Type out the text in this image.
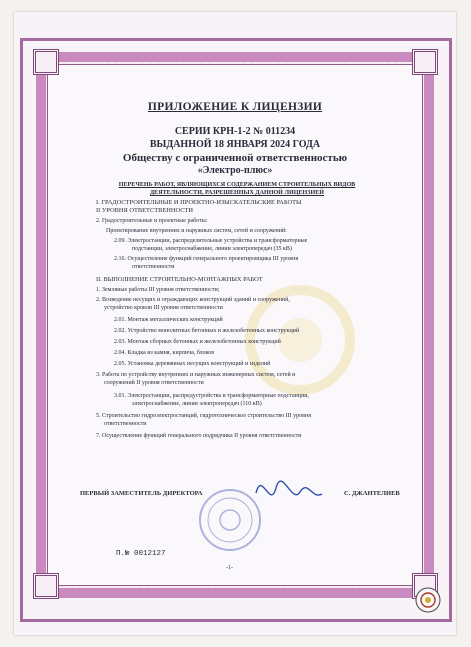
ПРИЛОЖЕНИЕ К ЛИЦЕНЗИИ
СЕРИИ КРН-1-2 № 011234
ВЫДАННОЙ 18 ЯНВАРЯ 2024 ГОДА
Обществу с ограниченной ответственностью
«Электро-плюс»
ПЕРЕЧЕНЬ РАБОТ, ЯВЛЯЮЩИХСЯ СОДЕРЖАНИЕМ СТРОИТЕЛЬНЫХ ВИДОВ ДЕЯТЕЛЬНОСТИ, РАЗРЕШЕННЫХ ДАННОЙ ЛИЦЕНЗИЕЙ
I. ГРАДОСТРОИТЕЛЬНЫЕ И ПРОЕКТНО-ИЗЫСКАТЕЛЬСКИЕ РАБОТЫ
II УРОВНЯ ОТВЕТСТВЕННОСТИ
2. Градостроительные и проектные работы:
Проектирование внутренних и наружных систем, сетей и сооружений:
2.09. Электростанции, распределительные устройства и трансформаторные
подстанции, электроснабжение, линии электропередач (35 кВ)
2.16. Осуществление функций генерального проектировщика III уровня
ответственности
II. ВЫПОЛНЕНИЕ СТРОИТЕЛЬНО-МОНТАЖНЫХ РАБОТ
1. Земляные работы III уровня ответственности;
2. Возведение несущих и ограждающих конструкций зданий и сооружений,
устройство кровли III уровня ответственности
2.01. Монтаж металлических конструкций
2.02. Устройство монолитных бетонных и железобетонных конструкций
2.03. Монтаж сборных бетонных и железобетонных конструкций
2.04. Кладка из камня, кирпича, блоков
2.05. Установка деревянных несущих конструкций и изделий
3. Работа по устройству внутренних и наружных инженерных систем, сетей и
сооружений II уровня ответственности
3.01. Электростанции, распредустройства и трансформаторные подстанции,
электроснабжение, линии электропередач (110 кВ)
5. Строительство гидроэлектростанций, гидротехническое строительство III уровня
ответственности
7. Осуществление функций генерального подрядчика II уровня ответственности
ПЕРВЫЙ ЗАМЕСТИТЕЛЬ ДИРЕКТОРА	С. ДЖАНТЕЛИЕВ
П.№ 0012127
-1-
